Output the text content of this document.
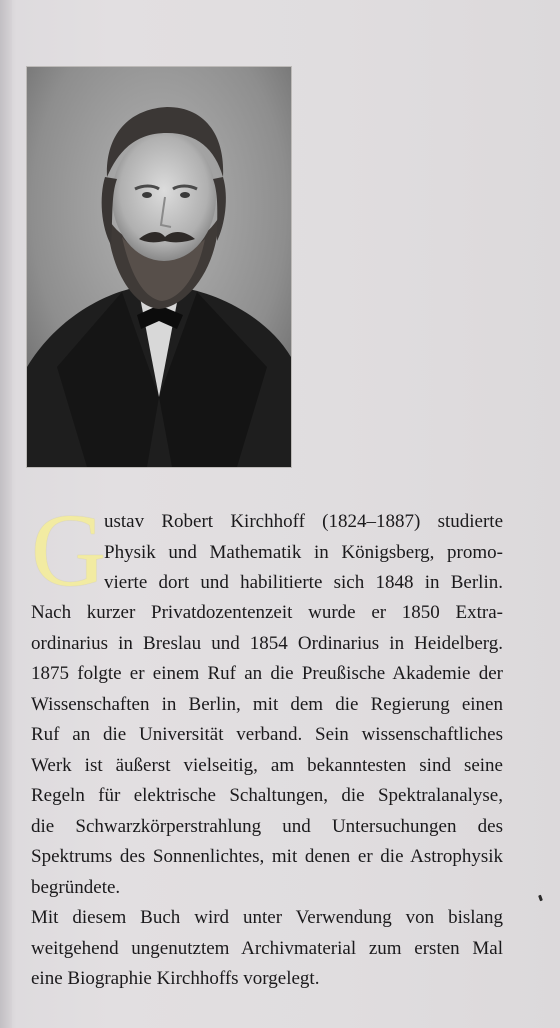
G
ustav Robert Kirchhoff (1824–1887) studierte
Physik und Mathematik in Königsberg, promo-
vierte dort und habilitierte sich 1848 in Berlin.
Nach kurzer Privatdozentenzeit wurde er 1850 Extra-
ordinarius in Breslau und 1854 Ordinarius in Heidelberg.
1875 folgte er einem Ruf an die Preußische Akademie der
Wissenschaften in Berlin, mit dem die Regierung einen
Ruf an die Universität verband. Sein wissenschaftliches
Werk ist äußerst vielseitig, am bekanntesten sind seine
Regeln für elektrische Schaltungen, die Spektralanalyse,
die Schwarzkörperstrahlung und Untersuchungen des
Spektrums des Sonnenlichtes, mit denen er die Astrophysik
begründete.
Mit diesem Buch wird unter Verwendung von bislang
weitgehend ungenutztem Archivmaterial zum ersten Mal
eine Biographie Kirchhoffs vorgelegt.
